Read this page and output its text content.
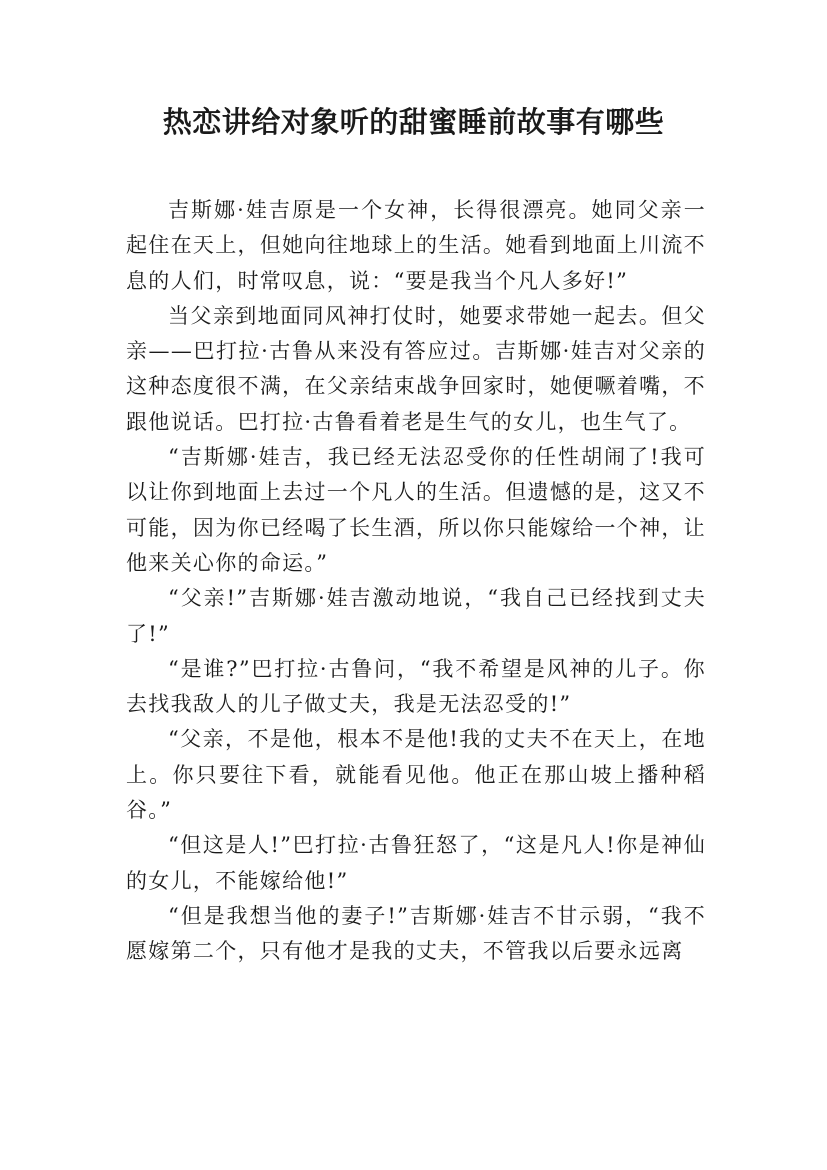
热恋讲给对象听的甜蜜睡前故事有哪些

吉斯娜·娃吉原是一个女神，长得很漂亮。她同父亲一起住在天上，但她向往地球上的生活。她看到地面上川流不息的人们，时常叹息，说：“要是我当个凡人多好!”

当父亲到地面同风神打仗时，她要求带她一起去。但父亲——巴打拉·古鲁从来没有答应过。吉斯娜·娃吉对父亲的这种态度很不满，在父亲结束战争回家时，她便噘着嘴，不跟他说话。巴打拉·古鲁看着老是生气的女儿，也生气了。

“吉斯娜·娃吉，我已经无法忍受你的任性胡闹了!我可以让你到地面上去过一个凡人的生活。但遗憾的是，这又不可能，因为你已经喝了长生酒，所以你只能嫁给一个神，让他来关心你的命运。”

“父亲!”吉斯娜·娃吉激动地说，“我自己已经找到丈夫了!”

“是谁?”巴打拉·古鲁问，“我不希望是风神的儿子。你去找我敌人的儿子做丈夫，我是无法忍受的!”

“父亲，不是他，根本不是他!我的丈夫不在天上，在地上。你只要往下看，就能看见他。他正在那山坡上播种稻谷。”

“但这是人!”巴打拉·古鲁狂怒了，“这是凡人!你是神仙的女儿，不能嫁给他!”

“但是我想当他的妻子!”吉斯娜·娃吉不甘示弱，“我不愿嫁第二个，只有他才是我的丈夫，不管我以后要永远离
